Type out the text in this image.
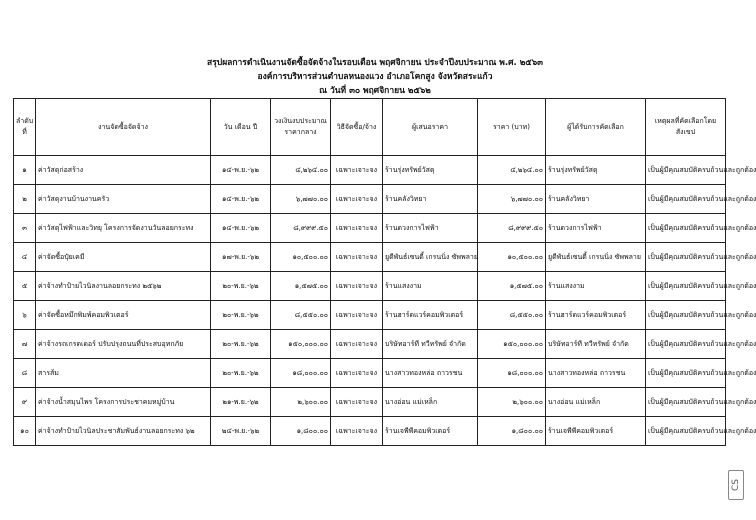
สรุปผลการดำเนินงานจัดซื้อจัดจ้างในรอบเดือน พฤศจิกายน ประจำปีงบประมาณ พ.ศ. ๒๕๖๓
องค์การบริหารส่วนตำบลหนองแวง อำเภอโคกสูง จังหวัดสระแก้ว
ณ วันที่ ๓๐ พฤศจิกายน ๒๕๖๒
ลำดับที่	งานจัดซื้อจัดจ้าง	วัน เดือน ปี	วงเงินงบประมาณ ราคากลาง	วิธีจัดซื้อ/จ้าง	ผู้เสนอราคา	ราคา (บาท)	ผู้ได้รับการคัดเลือก	เหตุผลที่คัดเลือกโดยสังเขป
๑	ค่าวัสดุก่อสร้าง	๑๔-พ.ย.-๖๒	๔,๒๖๔.๐๐	เฉพาะเจาะจง	ร้านรุ่งทรัพย์วัสดุ	๔,๒๖๔.๐๐	ร้านรุ่งทรัพย์วัสดุ	เป็นผู้มีคุณสมบัติครบถ้วนและถูกต้อง
๒	ค่าวัสดุงานบ้านงานครัว	๑๔-พ.ย.-๖๒	๖,๗๗๐.๐๐	เฉพาะเจาะจง	ร้านคลังวิทยา	๖,๗๗๐.๐๐	ร้านคลังวิทยา	เป็นผู้มีคุณสมบัติครบถ้วนและถูกต้อง
๓	ค่าวัสดุไฟฟ้าและวิทยุ โครงการจัดงานวันลอยกระทง	๑๔-พ.ย.-๖๒	๘,๙๙๙.๕๐	เฉพาะเจาะจง	ร้านดวงการไฟฟ้า	๘,๙๙๙.๕๐	ร้านดวงการไฟฟ้า	เป็นผู้มีคุณสมบัติครบถ้วนและถูกต้อง
๔	ค่าจัดซื้อปุ๋ยเคมี	๑๗-พ.ย.-๖๒	๑๐,๕๐๐.๐๐	เฉพาะเจาะจง	ยูดีพันธ์เซนดี้ เกรนนิ่ง ซัพพลาย	๑๐,๕๐๐.๐๐	ยูดีพันธ์เซนดี้ เกรนนิ่ง ซัพพลาย	เป็นผู้มีคุณสมบัติครบถ้วนและถูกต้อง
๕	ค่าจ้างทำป้ายไวนิลงานลอยกระทง ๒๕๖๒	๒๐-พ.ย.-๖๒	๑,๕๗๕.๐๐	เฉพาะเจาะจง	ร้านแสงงาม	๑,๕๗๕.๐๐	ร้านแสงงาม	เป็นผู้มีคุณสมบัติครบถ้วนและถูกต้อง
๖	ค่าจัดซื้อหมึกพิมพ์คอมพิวเตอร์	๒๐-พ.ย.-๖๒	๘,๕๕๐.๐๐	เฉพาะเจาะจง	ร้านฮาร์ดแวร์คอมพิวเตอร์	๘,๕๕๐.๐๐	ร้านฮาร์ดแวร์คอมพิวเตอร์	เป็นผู้มีคุณสมบัติครบถ้วนและถูกต้อง
๗	ค่าจ้างรถเกรดเดอร์ ปรับปรุงถนนที่ประสบอุทกภัย	๒๐-พ.ย.-๖๒	๑๕๐,๐๐๐.๐๐	เฉพาะเจาะจง	บริษัทอาร์ที ทวีทรัพย์ จำกัด	๑๕๐,๐๐๐.๐๐	บริษัทอาร์ที ทวีทรัพย์ จำกัด	เป็นผู้มีคุณสมบัติครบถ้วนและถูกต้อง
๘	สารส้ม	๒๐-พ.ย.-๖๒	๑๘,๐๐๐.๐๐	เฉพาะเจาะจง	นางสาวทองหล่อ ถาวรชน	๑๘,๐๐๐.๐๐	นางสาวทองหล่อ ถาวรชน	เป็นผู้มีคุณสมบัติครบถ้วนและถูกต้อง
๙	ค่าจ้างน้ำสมุนไพร โครงการประชาคมหมู่บ้าน	๒๑-พ.ย.-๖๒	๒,๖๐๐.๐๐	เฉพาะเจาะจง	นางอ่อน แม่เหล็ก	๒,๖๐๐.๐๐	นางอ่อน แม่เหล็ก	เป็นผู้มีคุณสมบัติครบถ้วนและถูกต้อง
๑๐	ค่าจ้างทำป้ายไวนิลประชาสัมพันธ์งานลอยกระทง ๖๒	๒๔-พ.ย.-๖๒	๑,๘๐๐.๐๐	เฉพาะเจาะจง	ร้านเจพีพีคอมพิวเตอร์	๑,๘๐๐.๐๐	ร้านเจพีพีคอมพิวเตอร์	เป็นผู้มีคุณสมบัติครบถ้วนและถูกต้อง
CS
